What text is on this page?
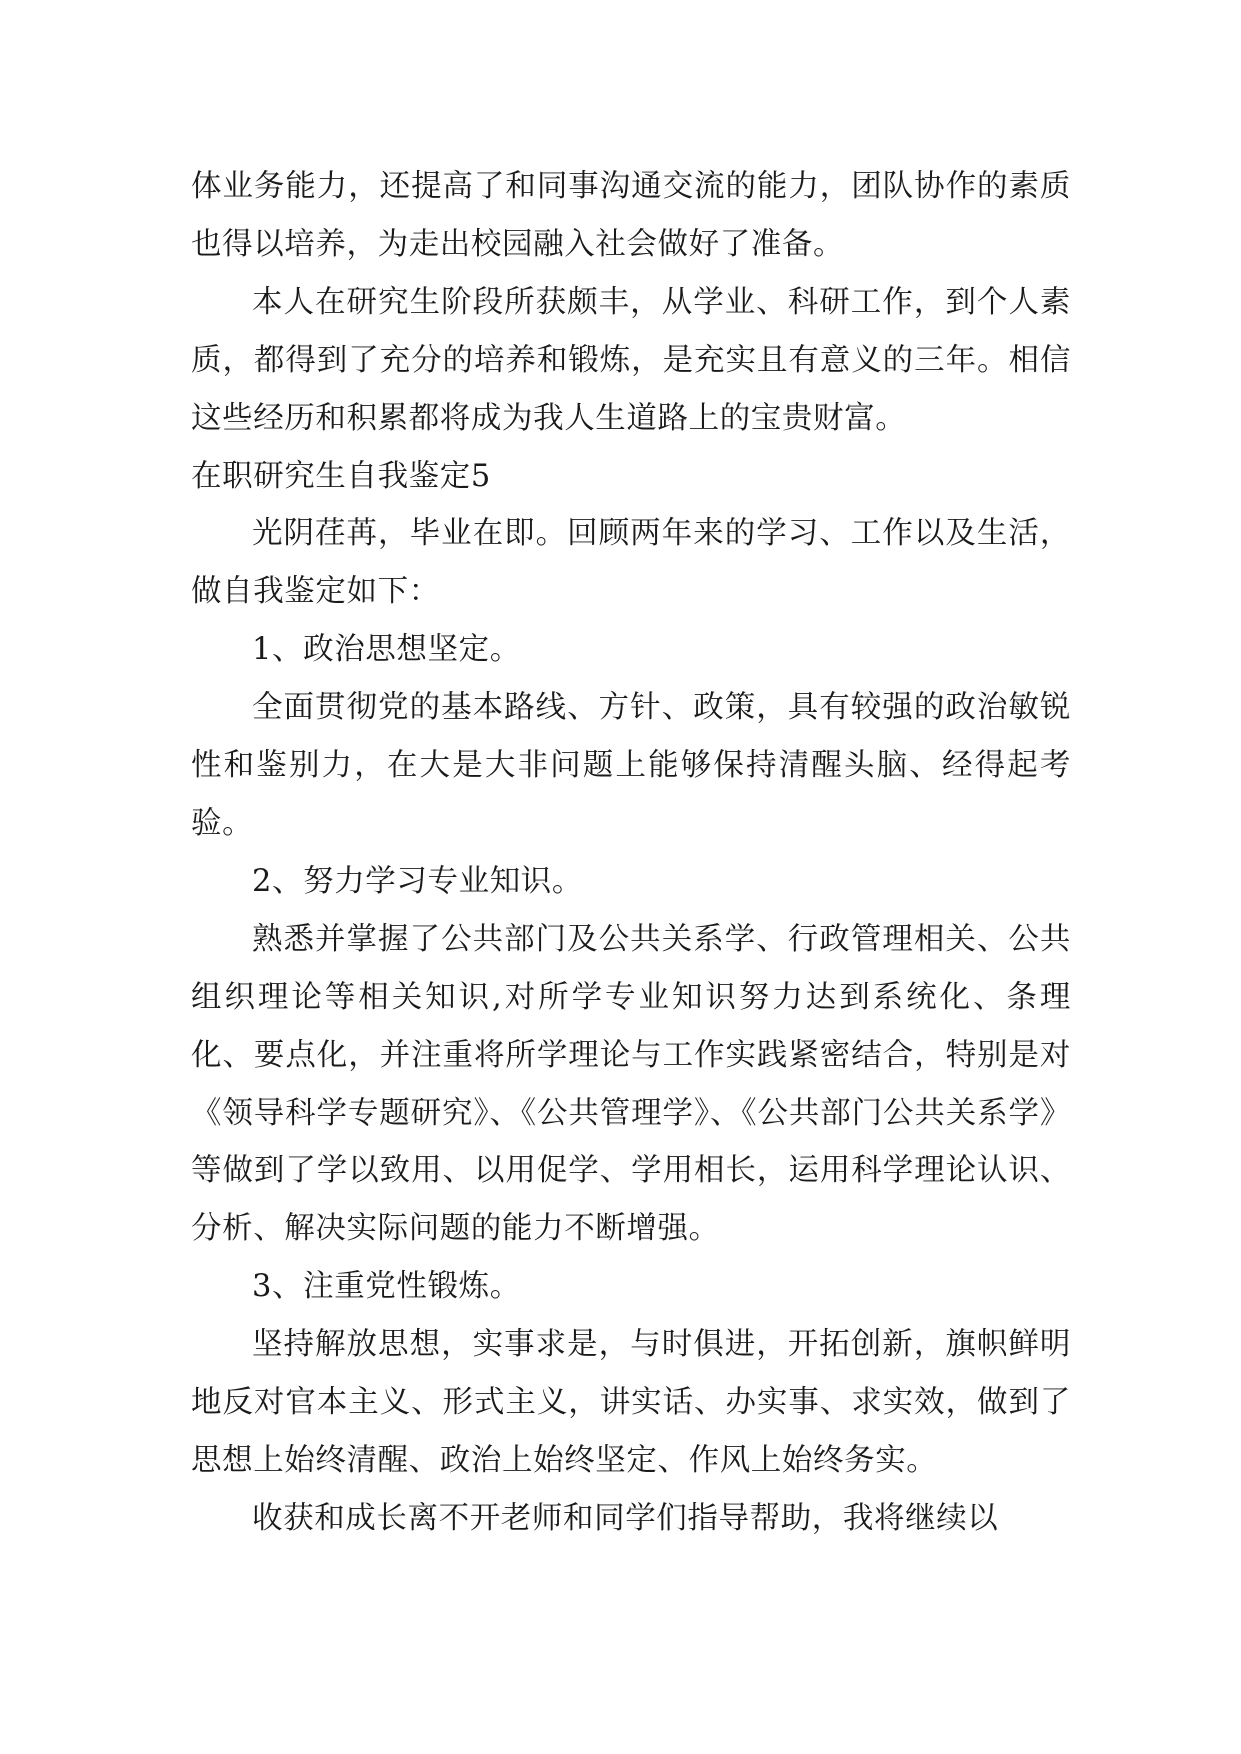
体业务能力，还提高了和同事沟通交流的能力，团队协作的素质也得以培养，为走出校园融入社会做好了准备。

本人在研究生阶段所获颇丰，从学业、科研工作，到个人素质，都得到了充分的培养和锻炼，是充实且有意义的三年。相信这些经历和积累都将成为我人生道路上的宝贵财富。

在职研究生自我鉴定5

光阴荏苒，毕业在即。回顾两年来的学习、工作以及生活，做自我鉴定如下：

1、政治思想坚定。

全面贯彻党的基本路线、方针、政策，具有较强的政治敏锐性和鉴别力，在大是大非问题上能够保持清醒头脑、经得起考验。

2、努力学习专业知识。

熟悉并掌握了公共部门及公共关系学、行政管理相关、公共组织理论等相关知识,对所学专业知识努力达到系统化、条理化、要点化，并注重将所学理论与工作实践紧密结合，特别是对《领导科学专题研究》、《公共管理学》、《公共部门公共关系学》等做到了学以致用、以用促学、学用相长，运用科学理论认识、分析、解决实际问题的能力不断增强。

3、注重党性锻炼。

坚持解放思想，实事求是，与时俱进，开拓创新，旗帜鲜明地反对官本主义、形式主义，讲实话、办实事、求实效，做到了思想上始终清醒、政治上始终坚定、作风上始终务实。

收获和成长离不开老师和同学们指导帮助，我将继续以
